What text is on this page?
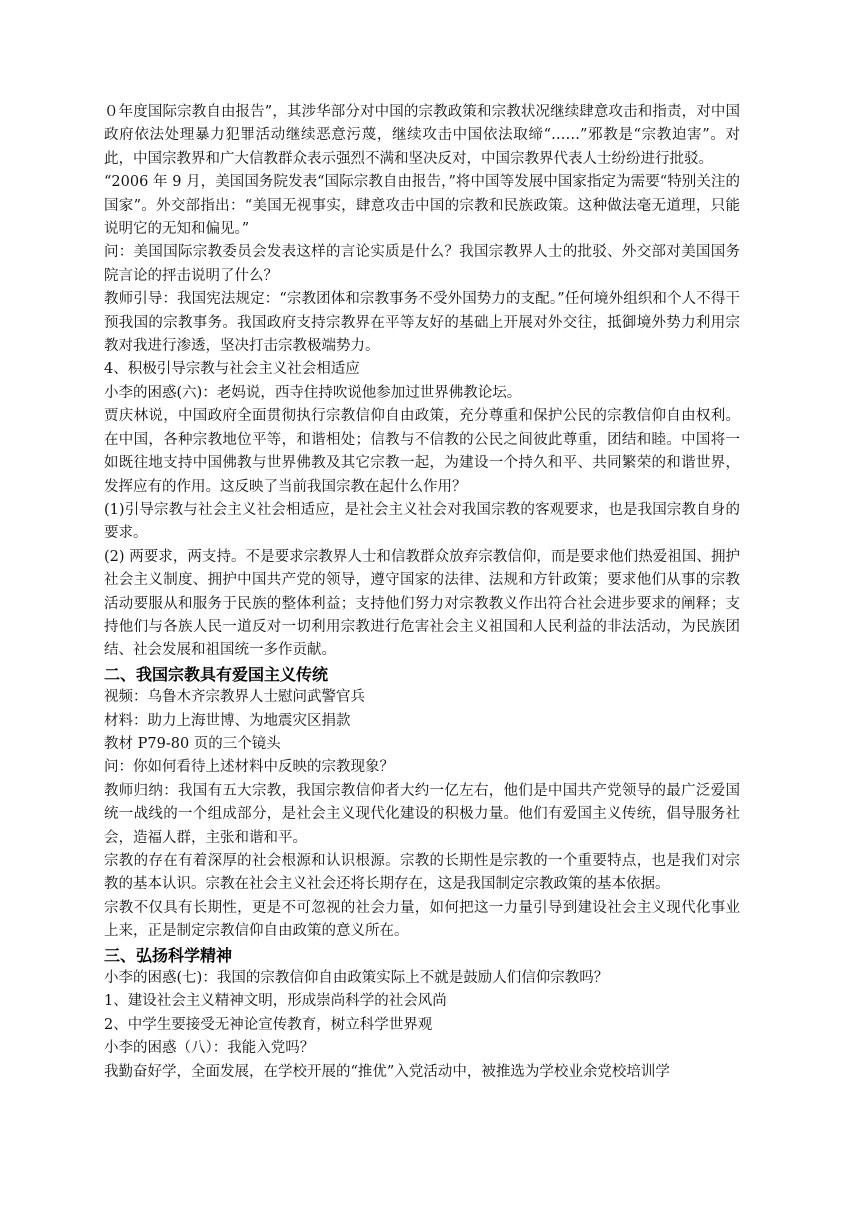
０年度国际宗教自由报告”，其涉华部分对中国的宗教政策和宗教状况继续肆意攻击和指责，对中国政府依法处理暴力犯罪活动继续恶意污蔑，继续攻击中国依法取缔“……”邪教是“宗教迫害”。对此，中国宗教界和广大信教群众表示强烈不满和坚决反对，中国宗教界代表人士纷纷进行批驳。

“2006 年 9 月，美国国务院发表“国际宗教自由报告，”将中国等发展中国家指定为需要“特别关注的国家”。外交部指出：“美国无视事实，肆意攻击中国的宗教和民族政策。这种做法毫无道理，只能说明它的无知和偏见。”

问：美国国际宗教委员会发表这样的言论实质是什么？我国宗教界人士的批驳、外交部对美国国务院言论的抨击说明了什么？

教师引导：我国宪法规定：“宗教团体和宗教事务不受外国势力的支配。”任何境外组织和个人不得干预我国的宗教事务。我国政府支持宗教界在平等友好的基础上开展对外交往，抵御境外势力利用宗教对我进行渗透，坚决打击宗教极端势力。

4、积极引导宗教与社会主义社会相适应

小李的困惑(六)：老妈说，西寺住持吹说他参加过世界佛教论坛。

贾庆林说，中国政府全面贯彻执行宗教信仰自由政策，充分尊重和保护公民的宗教信仰自由权利。在中国，各种宗教地位平等，和谐相处；信教与不信教的公民之间彼此尊重，团结和睦。中国将一如既往地支持中国佛教与世界佛教及其它宗教一起，为建设一个持久和平、共同繁荣的和谐世界，发挥应有的作用。这反映了当前我国宗教在起什么作用？

(1)引导宗教与社会主义社会相适应，是社会主义社会对我国宗教的客观要求，也是我国宗教自身的要求。

(2) 两要求，两支持。不是要求宗教界人士和信教群众放弃宗教信仰，而是要求他们热爱祖国、拥护社会主义制度、拥护中国共产党的领导，遵守国家的法律、法规和方针政策；要求他们从事的宗教活动要服从和服务于民族的整体利益；支持他们努力对宗教教义作出符合社会进步要求的阐释；支持他们与各族人民一道反对一切利用宗教进行危害社会主义祖国和人民利益的非法活动，为民族团结、社会发展和祖国统一多作贡献。

二、我国宗教具有爱国主义传统

视频：乌鲁木齐宗教界人士慰问武警官兵

材料：助力上海世博、为地震灾区捐款

教材 P79-80 页的三个镜头

问：你如何看待上述材料中反映的宗教现象？

教师归纳：我国有五大宗教，我国宗教信仰者大约一亿左右，他们是中国共产党领导的最广泛爱国统一战线的一个组成部分，是社会主义现代化建设的积极力量。他们有爱国主义传统，倡导服务社会，造福人群，主张和谐和平。

宗教的存在有着深厚的社会根源和认识根源。宗教的长期性是宗教的一个重要特点，也是我们对宗教的基本认识。宗教在社会主义社会还将长期存在，这是我国制定宗教政策的基本依据。

宗教不仅具有长期性，更是不可忽视的社会力量，如何把这一力量引导到建设社会主义现代化事业上来，正是制定宗教信仰自由政策的意义所在。

三、弘扬科学精神

小李的困惑(七)：我国的宗教信仰自由政策实际上不就是鼓励人们信仰宗教吗？

1、建设社会主义精神文明，形成崇尚科学的社会风尚

2、中学生要接受无神论宣传教育，树立科学世界观

小李的困惑（八）：我能入党吗？

我勤奋好学，全面发展，在学校开展的“推优”入党活动中，被推选为学校业余党校培训学
